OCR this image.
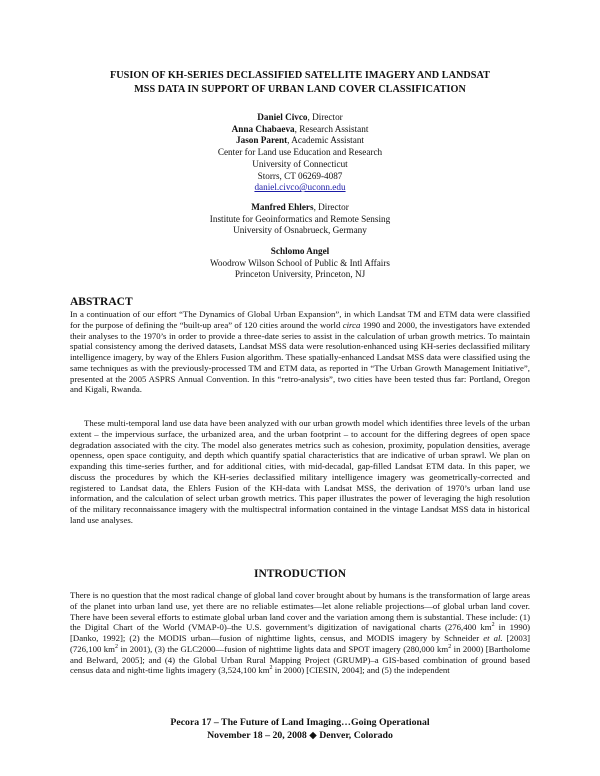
FUSION OF KH-SERIES DECLASSIFIED SATELLITE IMAGERY AND LANDSAT
MSS DATA IN SUPPORT OF URBAN LAND COVER CLASSIFICATION
Daniel Civco, Director
Anna Chabaeva, Research Assistant
Jason Parent, Academic Assistant
Center for Land use Education and Research
University of Connecticut
Storrs, CT 06269-4087
daniel.civco@uconn.edu
Manfred Ehlers, Director
Institute for Geoinformatics and Remote Sensing
University of Osnabrueck, Germany
Schlomo Angel
Woodrow Wilson School of Public & Intl Affairs
Princeton University, Princeton, NJ
ABSTRACT
In a continuation of our effort “The Dynamics of Global Urban Expansion”, in which Landsat TM and ETM data were classified for the purpose of defining the “built-up area” of 120 cities around the world circa 1990 and 2000, the investigators have extended their analyses to the 1970’s in order to provide a three-date series to assist in the calculation of urban growth metrics. To maintain spatial consistency among the derived datasets, Landsat MSS data were resolution-enhanced using KH-series declassified military intelligence imagery, by way of the Ehlers Fusion algorithm. These spatially-enhanced Landsat MSS data were classified using the same techniques as with the previously-processed TM and ETM data, as reported in “The Urban Growth Management Initiative”, presented at the 2005 ASPRS Annual Convention. In this “retro-analysis”, two cities have been tested thus far: Portland, Oregon and Kigali, Rwanda.
These multi-temporal land use data have been analyzed with our urban growth model which identifies three levels of the urban extent – the impervious surface, the urbanized area, and the urban footprint – to account for the differing degrees of open space degradation associated with the city. The model also generates metrics such as cohesion, proximity, population densities, average openness, open space contiguity, and depth which quantify spatial characteristics that are indicative of urban sprawl. We plan on expanding this time-series further, and for additional cities, with mid-decadal, gap-filled Landsat ETM data. In this paper, we discuss the procedures by which the KH-series declassified military intelligence imagery was geometrically-corrected and registered to Landsat data, the Ehlers Fusion of the KH-data with Landsat MSS, the derivation of 1970’s urban land use information, and the calculation of select urban growth metrics. This paper illustrates the power of leveraging the high resolution of the military reconnaissance imagery with the multispectral information contained in the vintage Landsat MSS data in historical land use analyses.
INTRODUCTION
There is no question that the most radical change of global land cover brought about by humans is the transformation of large areas of the planet into urban land use, yet there are no reliable estimates—let alone reliable projections—of global urban land cover. There have been several efforts to estimate global urban land cover and the variation among them is substantial. These include: (1) the Digital Chart of the World (VMAP-0)–the U.S. government’s digitization of navigational charts (276,400 $km^2$ in 1990) [Danko, 1992]; (2) the MODIS urban—fusion of nighttime lights, census, and MODIS imagery by Schneider et al. [2003] (726,100 $km^2$ in 2001), (3) the GLC2000—fusion of nighttime lights data and SPOT imagery (280,000 $km^2$ in 2000) [Bartholome and Belward, 2005]; and (4) the Global Urban Rural Mapping Project (GRUMP)–a GIS-based combination of ground based census data and night-time lights imagery (3,524,100 $km^2$ in 2000) [CIESIN, 2004]; and (5) the independent
Pecora 17 – The Future of Land Imaging…Going Operational
November 18 – 20, 2008 ◆ Denver, Colorado
